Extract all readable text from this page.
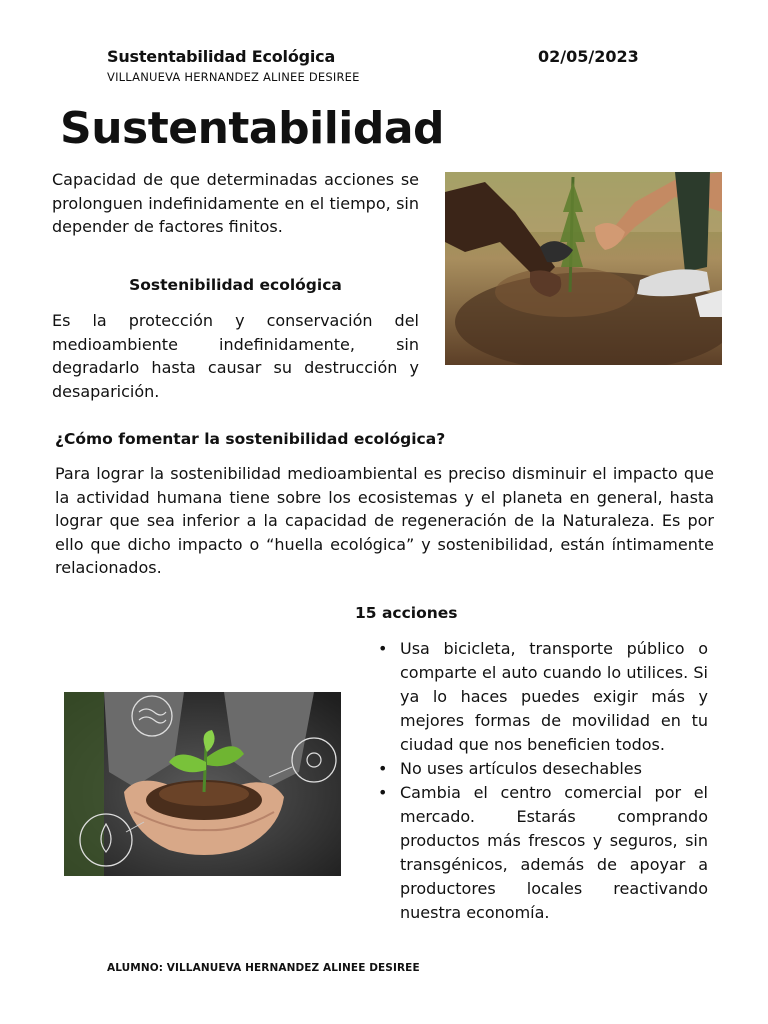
Sustentabilidad Ecológica	02/05/2023
VILLANUEVA HERNANDEZ ALINEE DESIREE
Sustentabilidad
Capacidad de que determinadas acciones se prolonguen indefinidamente en el tiempo, sin depender de factores finitos.
Sostenibilidad ecológica
Es la protección y conservación del medioambiente indefinidamente, sin degradarlo hasta causar su destrucción y desaparición.
¿Cómo fomentar la sostenibilidad ecológica?
Para lograr la sostenibilidad medioambiental es preciso disminuir el impacto que la actividad humana tiene sobre los ecosistemas y el planeta en general, hasta lograr que sea inferior a la capacidad de regeneración de la Naturaleza. Es por ello que dicho impacto o “huella ecológica” y sostenibilidad, están íntimamente relacionados.
15 acciones
• Usa bicicleta, transporte público o comparte el auto cuando lo utilices. Si ya lo haces puedes exigir más y mejores formas de movilidad en tu ciudad que nos beneficien todos.
• No uses artículos desechables
• Cambia el centro comercial por el mercado. Estarás comprando productos más frescos y seguros, sin transgénicos, además de apoyar a productores locales reactivando nuestra economía.
ALUMNO: VILLANUEVA HERNANDEZ ALINEE DESIREE
